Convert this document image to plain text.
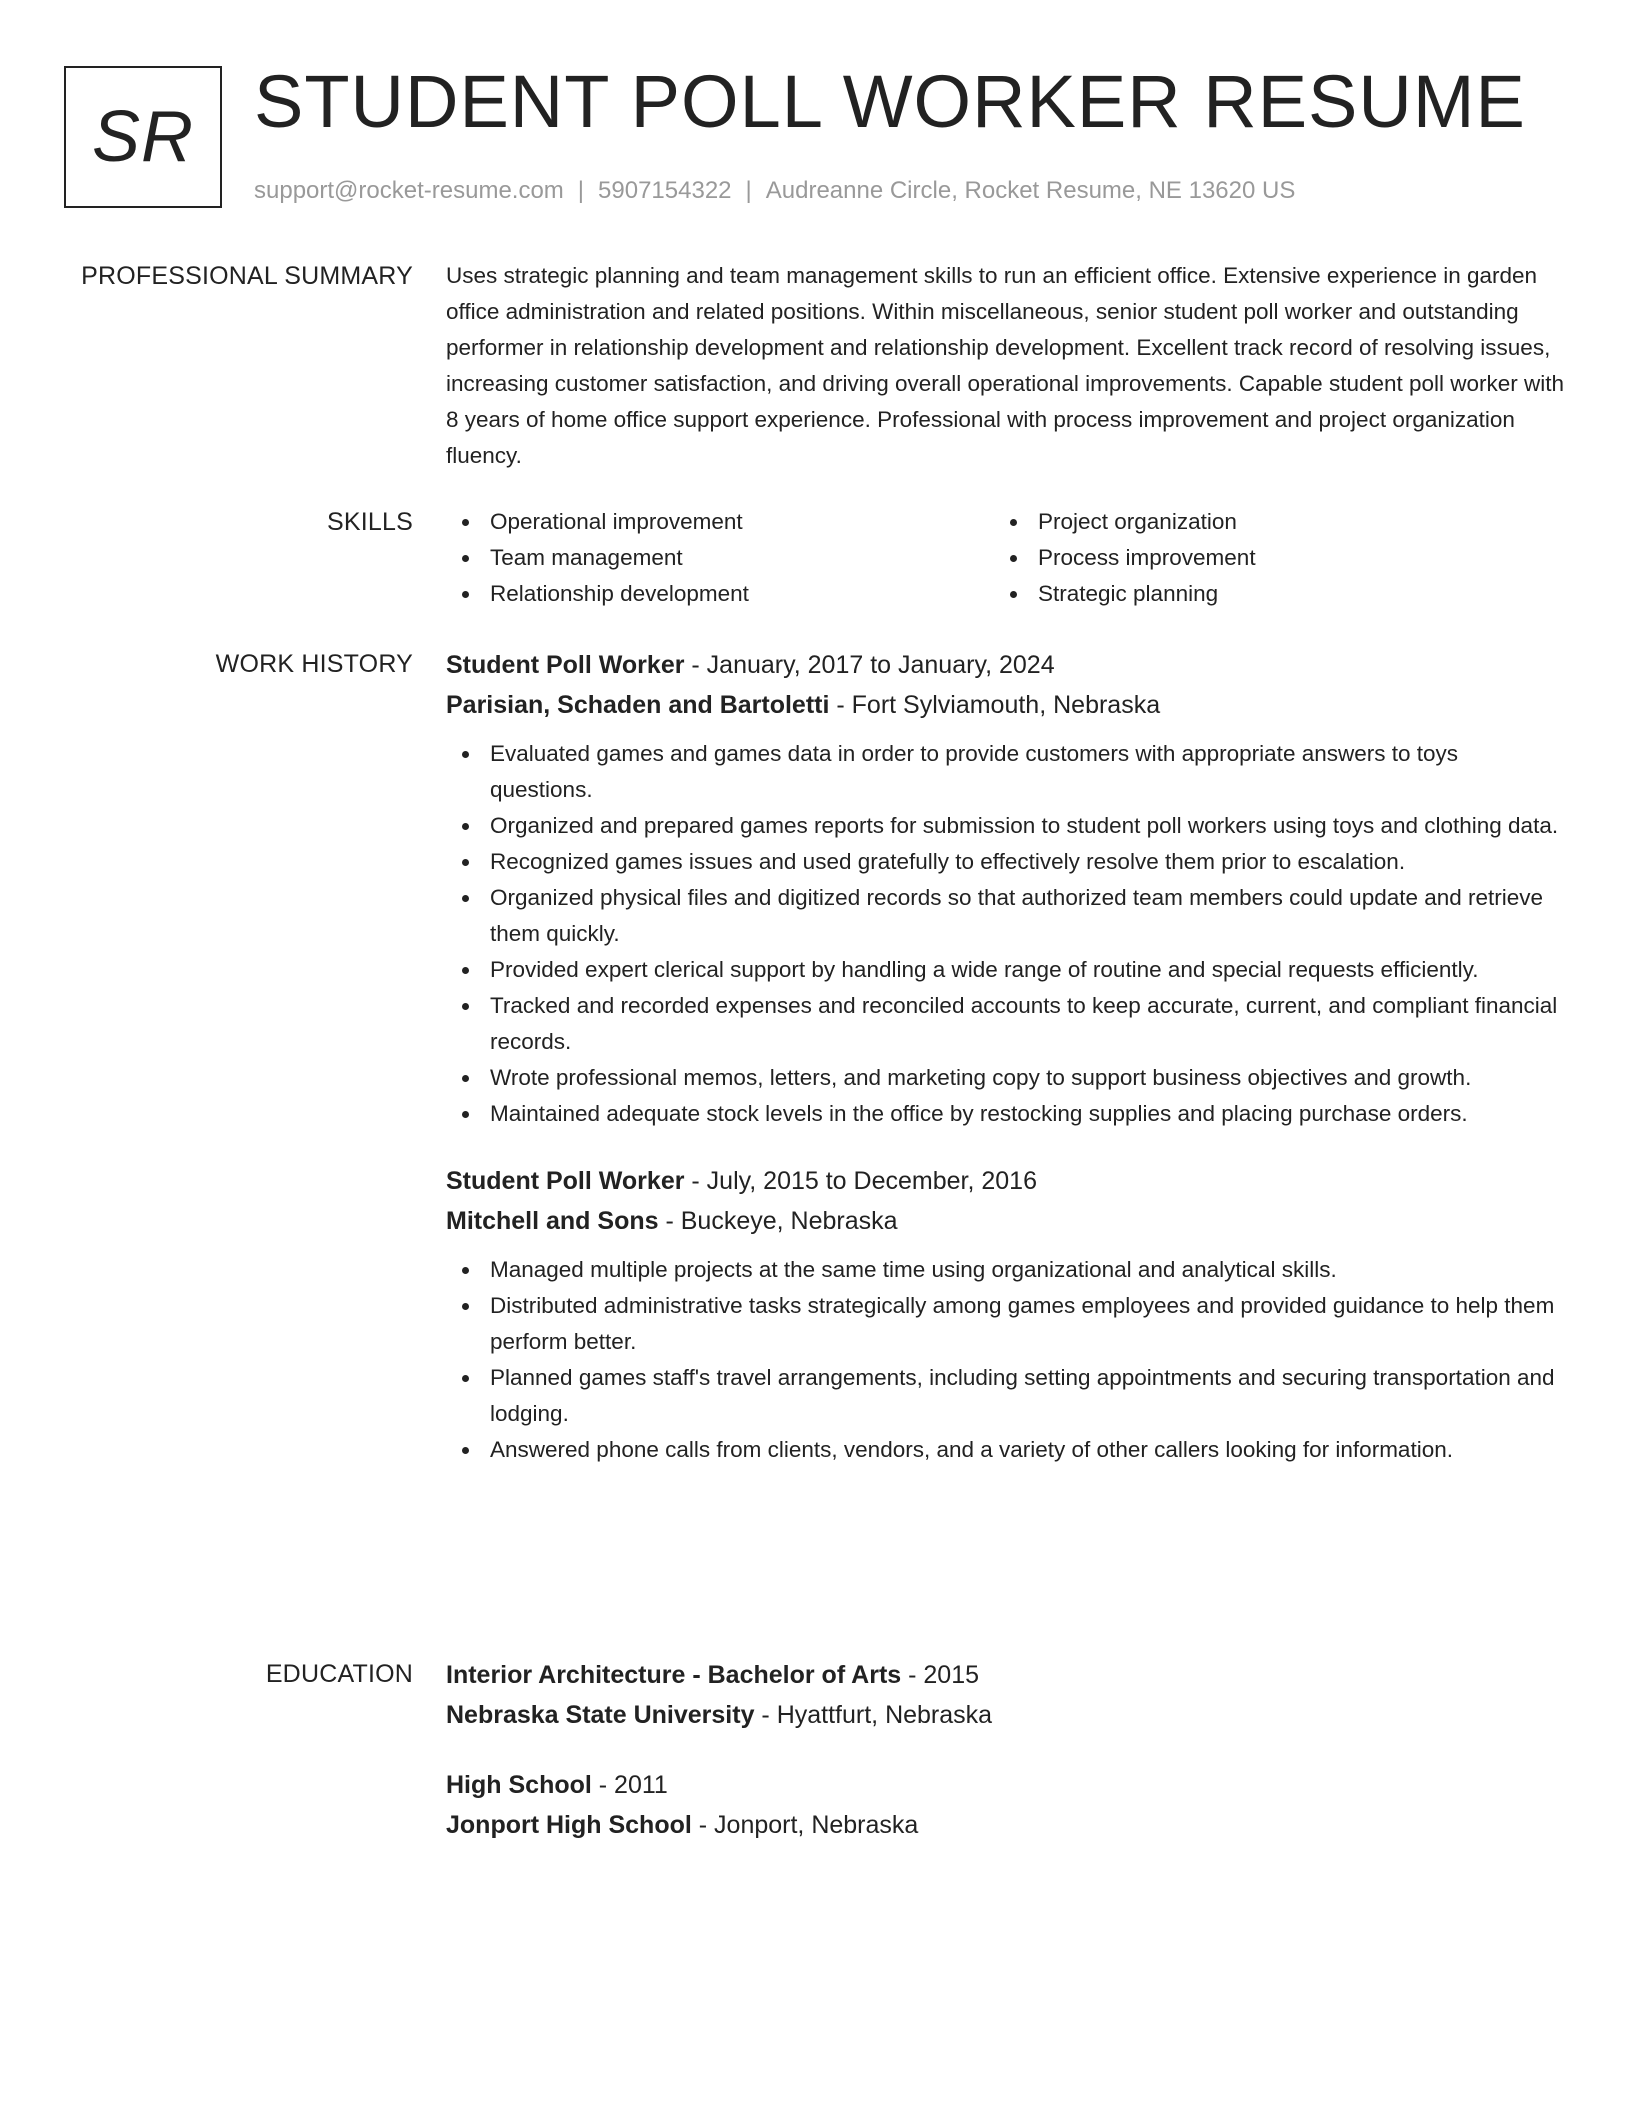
SR STUDENT POLL WORKER RESUME
support@rocket-resume.com | 5907154322 | Audreanne Circle, Rocket Resume, NE 13620 US
PROFESSIONAL SUMMARY Uses strategic planning and team management skills to run an efficient office. Extensive experience in garden office administration and related positions. Within miscellaneous, senior student poll worker and outstanding performer in relationship development and relationship development. Excellent track record of resolving issues, increasing customer satisfaction, and driving overall operational improvements. Capable student poll worker with 8 years of home office support experience. Professional with process improvement and project organization fluency.

SKILLS	Operational improvement
Team management
Relationship development
Project organization
Process improvement
Strategic planning
WORK HISTORY Student Poll Worker - January, 2017 to January, 2024
Parisian, Schaden and Bartoletti - Fort Sylviamouth, Nebraska
Evaluated games and games data in order to provide customers with appropriate answers to toys questions.
Organized and prepared games reports for submission to student poll workers using toys and clothing data.
Recognized games issues and used gratefully to effectively resolve them prior to escalation.
Organized physical files and digitized records so that authorized team members could update and retrieve them quickly.
Provided expert clerical support by handling a wide range of routine and special requests efficiently.
Tracked and recorded expenses and reconciled accounts to keep accurate, current, and compliant financial records.
Wrote professional memos, letters, and marketing copy to support business objectives and growth.
Maintained adequate stock levels in the office by restocking supplies and placing purchase orders.
Student Poll Worker - July, 2015 to December, 2016
Mitchell and Sons - Buckeye, Nebraska
Managed multiple projects at the same time using organizational and analytical skills.
Distributed administrative tasks strategically among games employees and provided guidance to help them perform better.
Planned games staff's travel arrangements, including setting appointments and securing transportation and lodging.
Answered phone calls from clients, vendors, and a variety of other callers looking for information.
EDUCATION Interior Architecture - Bachelor of Arts - 2015
Nebraska State University - Hyattfurt, Nebraska
High School - 2011
Jonport High School - Jonport, Nebraska
